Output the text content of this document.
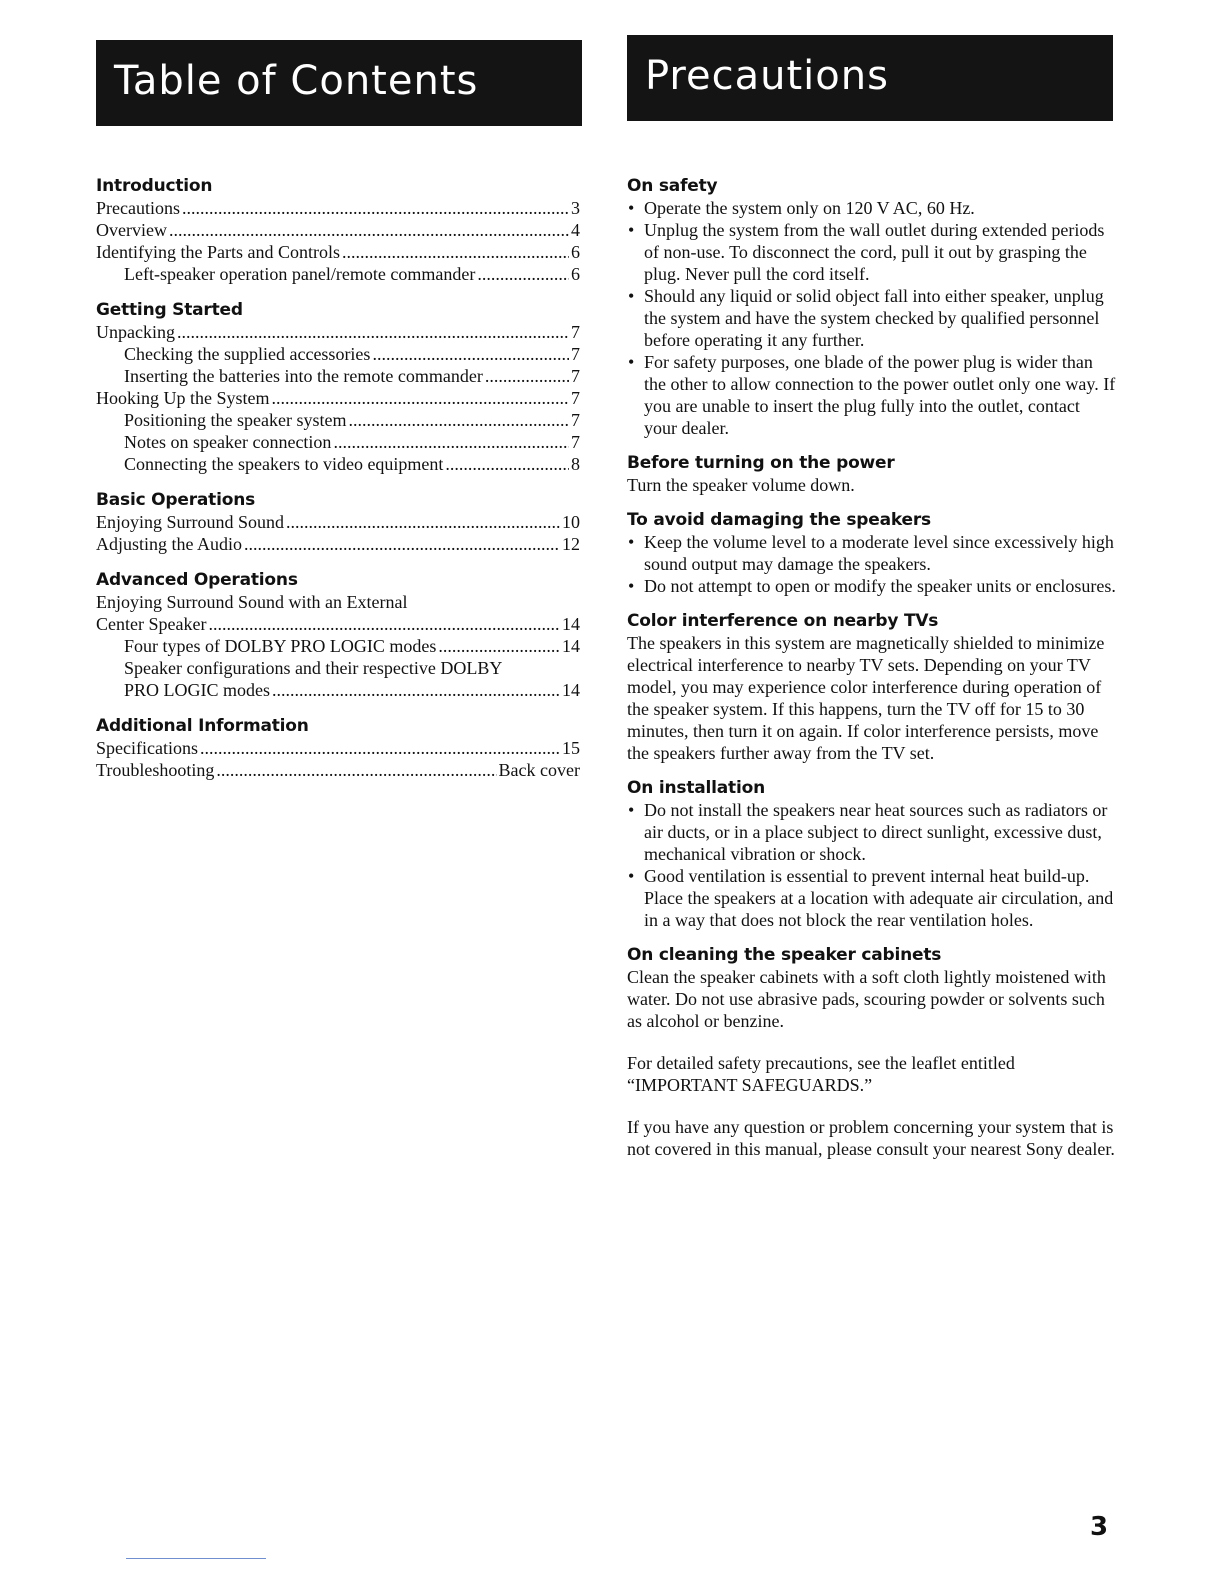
Table of Contents	Precautions
Introduction
Precautions .....	3
Overview .....	4
Identifying the Parts and Controls .....	6
Left-speaker operation panel/remote commander .....	6
Getting Started
Unpacking .....	7
Checking the supplied accessories .....	7
Inserting the batteries into the remote commander .....	7
Hooking Up the System .....	7
Positioning the speaker system .....	7
Notes on speaker connection .....	7
Connecting the speakers to video equipment .....	8
Basic Operations
Enjoying Surround Sound .....	10
Adjusting the Audio .....	12
Advanced Operations
Enjoying Surround Sound with an External
Center Speaker .....	14
Four types of DOLBY PRO LOGIC modes .....	14
Speaker configurations and their respective DOLBY
PRO LOGIC modes .....	14
Additional Information
Specifications .....	15
Troubleshooting .....	Back cover
On safety
• Operate the system only on 120 V AC, 60 Hz.
• Unplug the system from the wall outlet during extended periods of non-use. To disconnect the cord, pull it out by grasping the plug. Never pull the cord itself.
• Should any liquid or solid object fall into either speaker, unplug the system and have the system checked by qualified personnel before operating it any further.
• For safety purposes, one blade of the power plug is wider than the other to allow connection to the power outlet only one way. If you are unable to insert the plug fully into the outlet, contact your dealer.
Before turning on the power
Turn the speaker volume down.
To avoid damaging the speakers
• Keep the volume level to a moderate level since excessively high sound output may damage the speakers.
• Do not attempt to open or modify the speaker units or enclosures.
Color interference on nearby TVs
The speakers in this system are magnetically shielded to minimize electrical interference to nearby TV sets. Depending on your TV model, you may experience color interference during operation of the speaker system. If this happens, turn the TV off for 15 to 30 minutes, then turn it on again. If color interference persists, move the speakers further away from the TV set.
On installation
• Do not install the speakers near heat sources such as radiators or air ducts, or in a place subject to direct sunlight, excessive dust, mechanical vibration or shock.
• Good ventilation is essential to prevent internal heat build-up. Place the speakers at a location with adequate air circulation, and in a way that does not block the rear ventilation holes.
On cleaning the speaker cabinets
Clean the speaker cabinets with a soft cloth lightly moistened with water. Do not use abrasive pads, scouring powder or solvents such as alcohol or benzine.
For detailed safety precautions, see the leaflet entitled “IMPORTANT SAFEGUARDS.”
If you have any question or problem concerning your system that is not covered in this manual, please consult your nearest Sony dealer.
3
